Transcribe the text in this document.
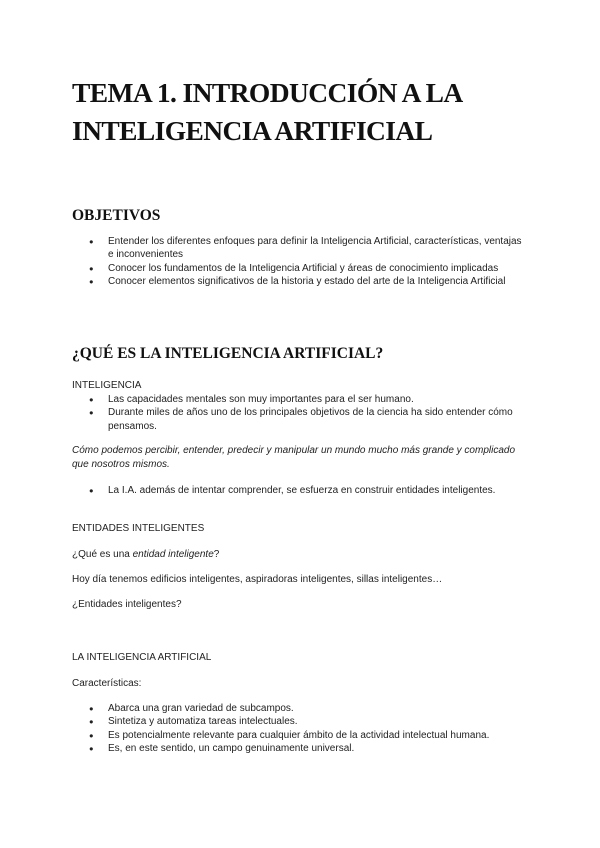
TEMA 1. INTRODUCCIÓN A LA INTELIGENCIA ARTIFICIAL
OBJETIVOS
● Entender los diferentes enfoques para definir la Inteligencia Artificial, características, ventajas e inconvenientes
● Conocer los fundamentos de la Inteligencia Artificial y áreas de conocimiento implicadas
● Conocer elementos significativos de la historia y estado del arte de la Inteligencia Artificial
¿QUÉ ES LA INTELIGENCIA ARTIFICIAL?

INTELIGENCIA

● Las capacidades mentales son muy importantes para el ser humano.
● Durante miles de años uno de los principales objetivos de la ciencia ha sido entender cómo pensamos.

Cómo podemos percibir, entender, predecir y manipular un mundo mucho más grande y complicado que nosotros mismos.

● La I.A. además de intentar comprender, se esfuerza en construir entidades inteligentes.

ENTIDADES INTELIGENTES

¿Qué es una entidad inteligente?

Hoy día tenemos edificios inteligentes, aspiradoras inteligentes, sillas inteligentes…

¿Entidades inteligentes?

LA INTELIGENCIA ARTIFICIAL

Características:

● Abarca una gran variedad de subcampos.
● Sintetiza y automatiza tareas intelectuales.
● Es potencialmente relevante para cualquier ámbito de la actividad intelectual humana.
● Es, en este sentido, un campo genuinamente universal.
